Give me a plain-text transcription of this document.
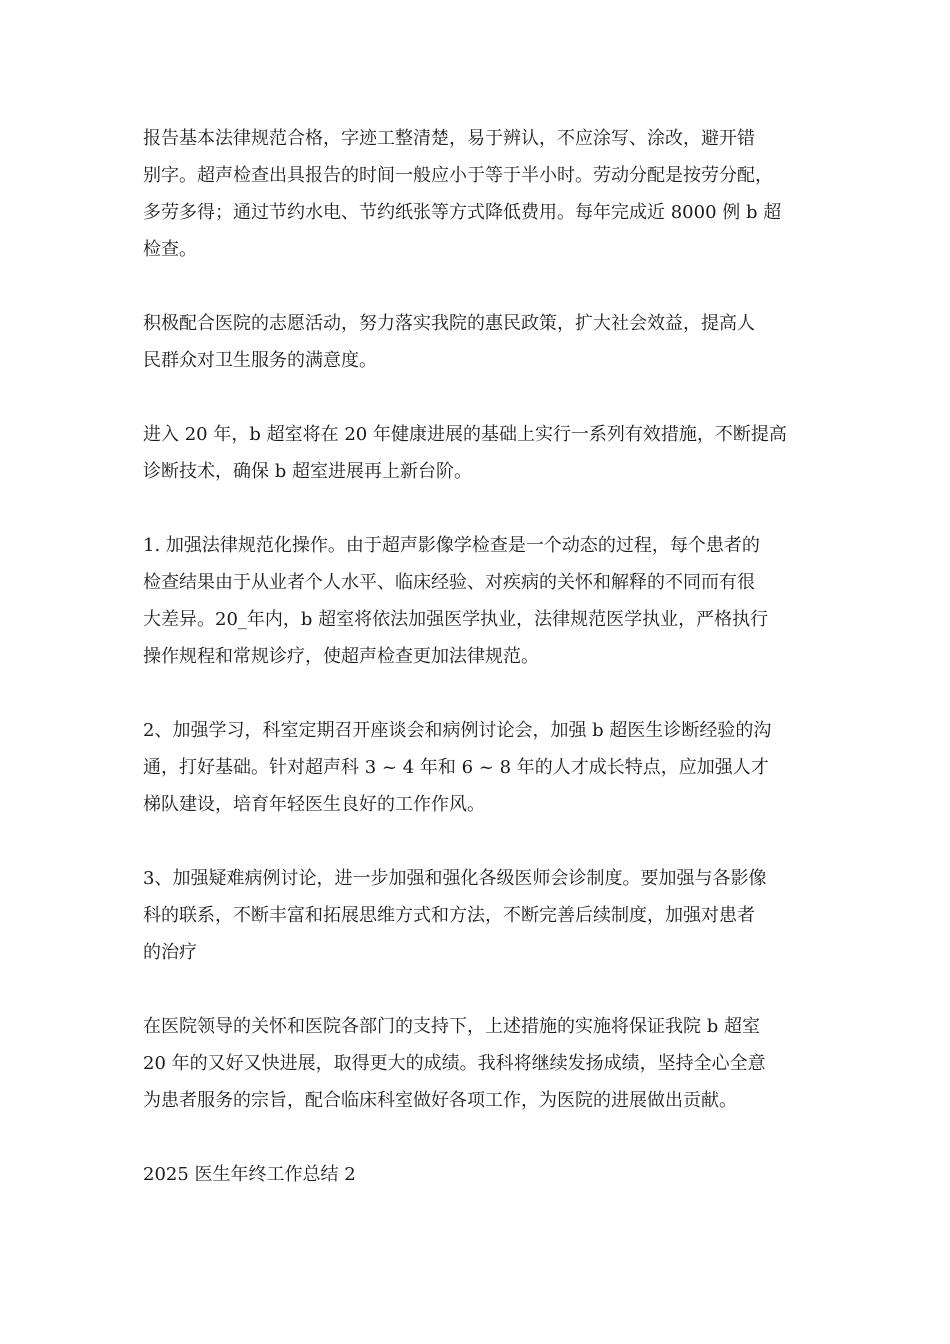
报告基本法律规范合格，字迹工整清楚，易于辨认，不应涂写、涂改，避开错
别字。超声检查出具报告的时间一般应小于等于半小时。劳动分配是按劳分配，
多劳多得；通过节约水电、节约纸张等方式降低费用。每年完成近 8000 例 b 超
检查。

积极配合医院的志愿活动，努力落实我院的惠民政策，扩大社会效益，提高人
民群众对卫生服务的满意度。

进入 20 年，b 超室将在 20 年健康进展的基础上实行一系列有效措施，不断提高
诊断技术，确保 b 超室进展再上新台阶。

1. 加强法律规范化操作。由于超声影像学检查是一个动态的过程，每个患者的
检查结果由于从业者个人水平、临床经验、对疾病的关怀和解释的不同而有很
大差异。20_年内，b 超室将依法加强医学执业，法律规范医学执业，严格执行
操作规程和常规诊疗，使超声检查更加法律规范。

2、加强学习，科室定期召开座谈会和病例讨论会，加强 b 超医生诊断经验的沟
通，打好基础。针对超声科 3 ~ 4 年和 6 ~ 8 年的人才成长特点，应加强人才
梯队建设，培育年轻医生良好的工作作风。

3、加强疑难病例讨论，进一步加强和强化各级医师会诊制度。要加强与各影像
科的联系，不断丰富和拓展思维方式和方法，不断完善后续制度，加强对患者
的治疗

在医院领导的关怀和医院各部门的支持下，上述措施的实施将保证我院 b 超室
20 年的又好又快进展，取得更大的成绩。我科将继续发扬成绩，坚持全心全意
为患者服务的宗旨，配合临床科室做好各项工作，为医院的进展做出贡献。

2025 医生年终工作总结 2
